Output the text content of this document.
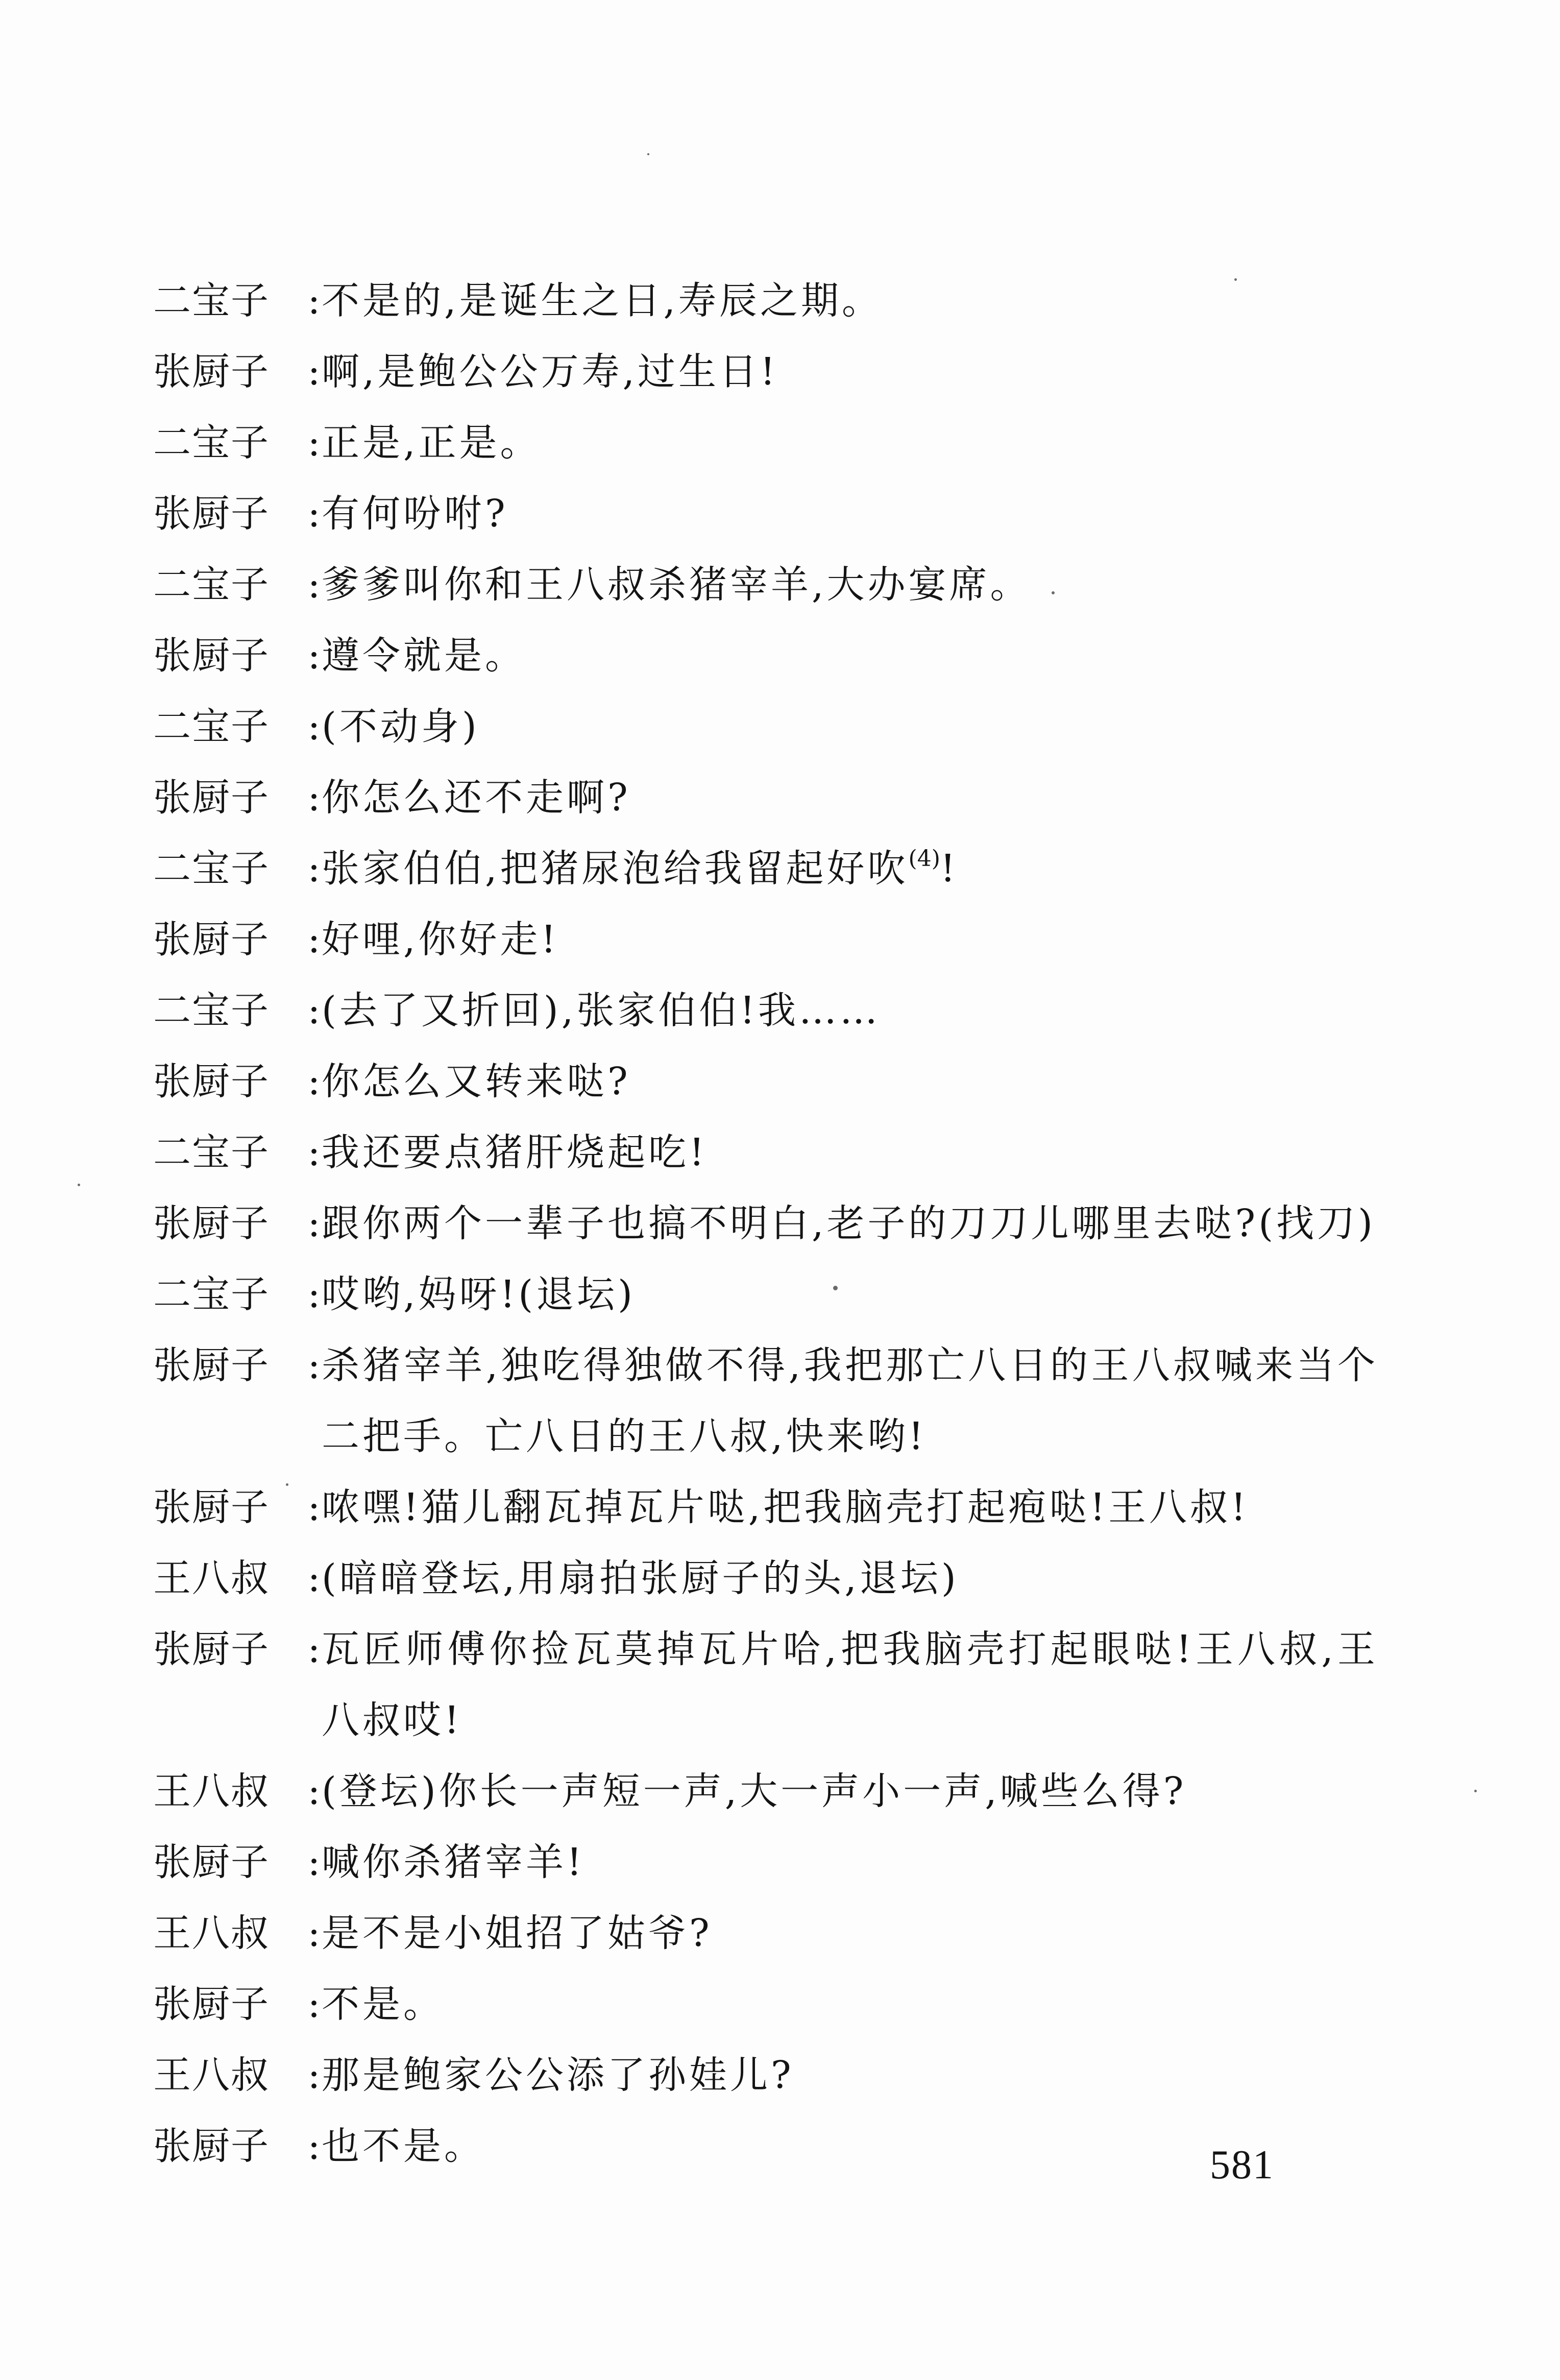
二宝子	: 不是的,是诞生之日,寿辰之期。
张厨子	: 啊,是鲍公公万寿,过生日!
二宝子	: 正是,正是。
张厨子	: 有何吩咐?
二宝子	: 爹爹叫你和王八叔杀猪宰羊,大办宴席。
张厨子	: 遵令就是。
二宝子	: (不动身)
张厨子	: 你怎么还不走啊?
二宝子	: 张家伯伯,把猪尿泡给我留起好吹$^{(4)}$!
张厨子	: 好哩,你好走!
二宝子	: (去了又折回),张家伯伯!我……
张厨子	: 你怎么又转来哒?
二宝子	: 我还要点猪肝烧起吃!
张厨子	: 跟你两个一辈子也搞不明白,老子的刀刀儿哪里去哒?(找刀)
二宝子	: 哎哟,妈呀!(退坛)
张厨子	: 杀猪宰羊,独吃得独做不得,我把那亡八日的王八叔喊来当个二把手。亡八日的王八叔,快来哟!
张厨子	: 哝嘿!猫儿翻瓦掉瓦片哒,把我脑壳打起疱哒!王八叔!
王八叔	: (暗暗登坛,用扇拍张厨子的头,退坛)
张厨子	: 瓦匠师傅你捡瓦莫掉瓦片哈,把我脑壳打起眼哒!王八叔,王八叔哎!
王八叔	: (登坛)你长一声短一声,大一声小一声,喊些么得?
张厨子	: 喊你杀猪宰羊!
王八叔	: 是不是小姐招了姑爷?
张厨子	: 不是。
王八叔	: 那是鲍家公公添了孙娃儿?
张厨子	: 也不是。	581
